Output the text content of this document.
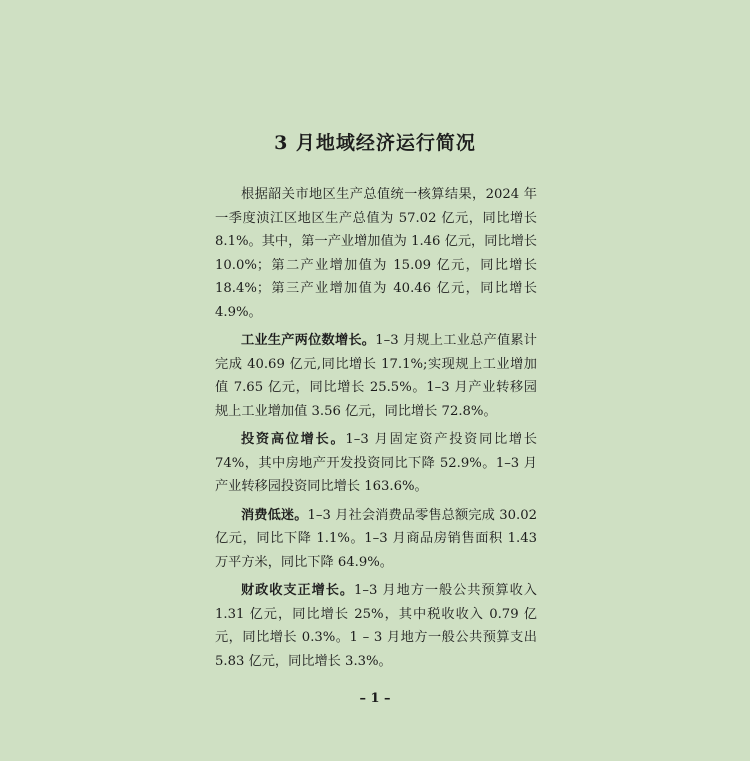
3 月地域经济运行简况

根据韶关市地区生产总值统一核算结果，2024 年一季度浈江区地区生产总值为 57.02 亿元，同比增长 8.1%。其中，第一产业增加值为 1.46 亿元，同比增长 10.0%；第二产业增加值为 15.09 亿元，同比增长 18.4%；第三产业增加值为 40.46 亿元，同比增长 4.9%。

工业生产两位数增长。1–3 月规上工业总产值累计完成 40.69 亿元,同比增长 17.1%;实现规上工业增加值 7.65 亿元，同比增长 25.5%。1–3 月产业转移园规上工业增加值 3.56 亿元，同比增长 72.8%。

投资高位增长。1–3 月固定资产投资同比增长 74%，其中房地产开发投资同比下降 52.9%。1–3 月产业转移园投资同比增长 163.6%。

消费低迷。1–3 月社会消费品零售总额完成 30.02 亿元，同比下降 1.1%。1–3 月商品房销售面积 1.43 万平方米，同比下降 64.9%。

财政收支正增长。1–3 月地方一般公共预算收入 1.31 亿元，同比增长 25%，其中税收收入 0.79 亿元，同比增长 0.3%。1 – 3 月地方一般公共预算支出 5.83 亿元，同比增长 3.3%。

– 1 –
